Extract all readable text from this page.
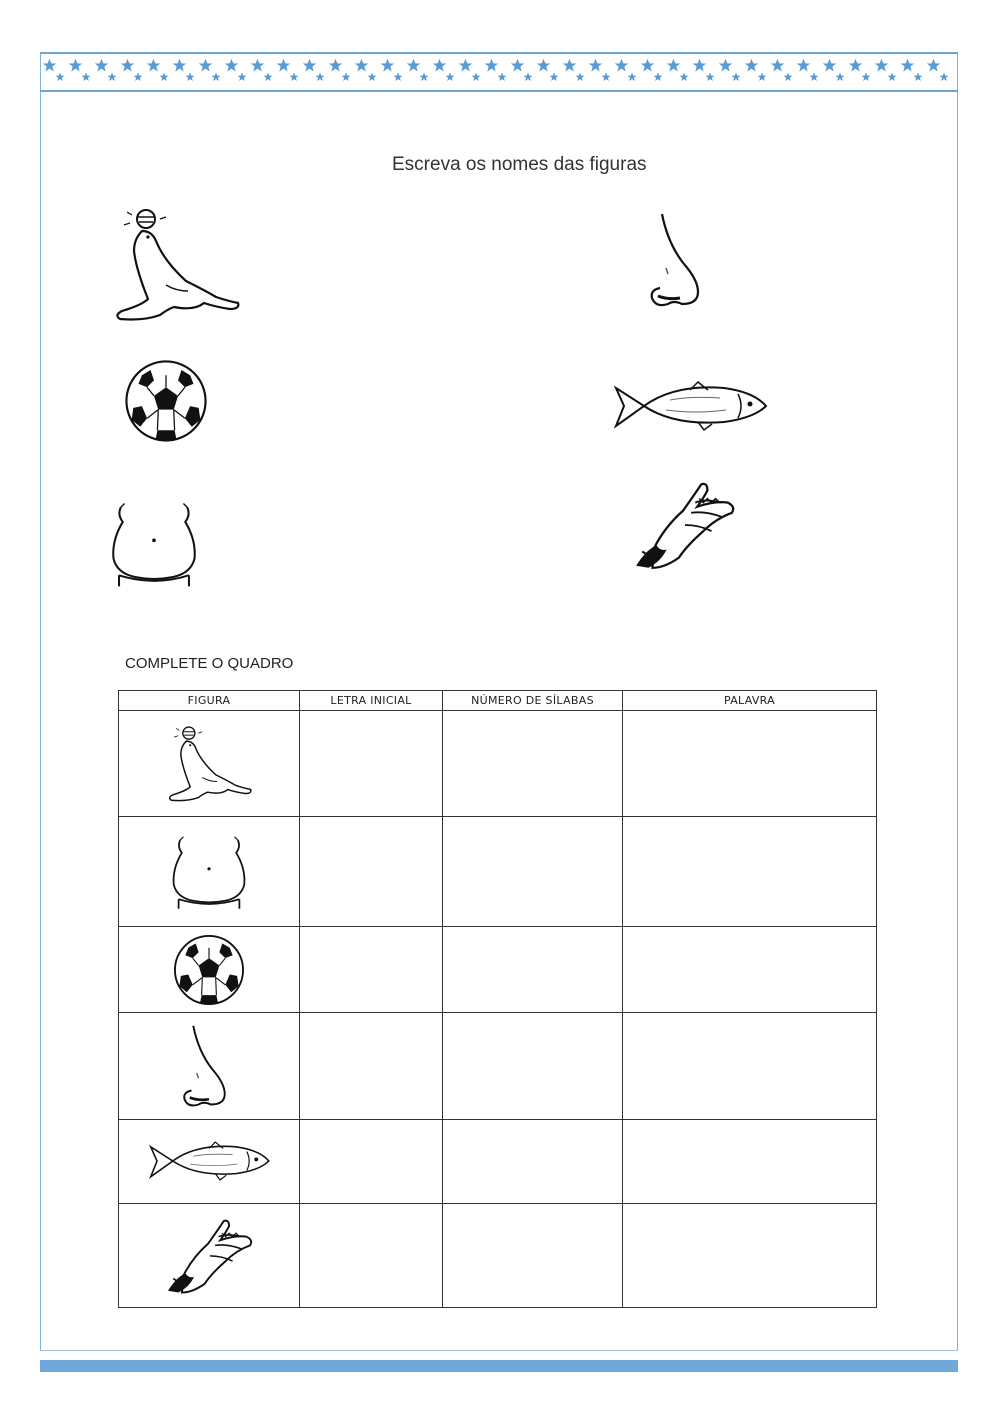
Escreva os nomes das figuras
COMPLETE O QUADRO
FIGURA	LETRA INICIAL	NÚMERO DE SÍLABAS	PALAVRA
